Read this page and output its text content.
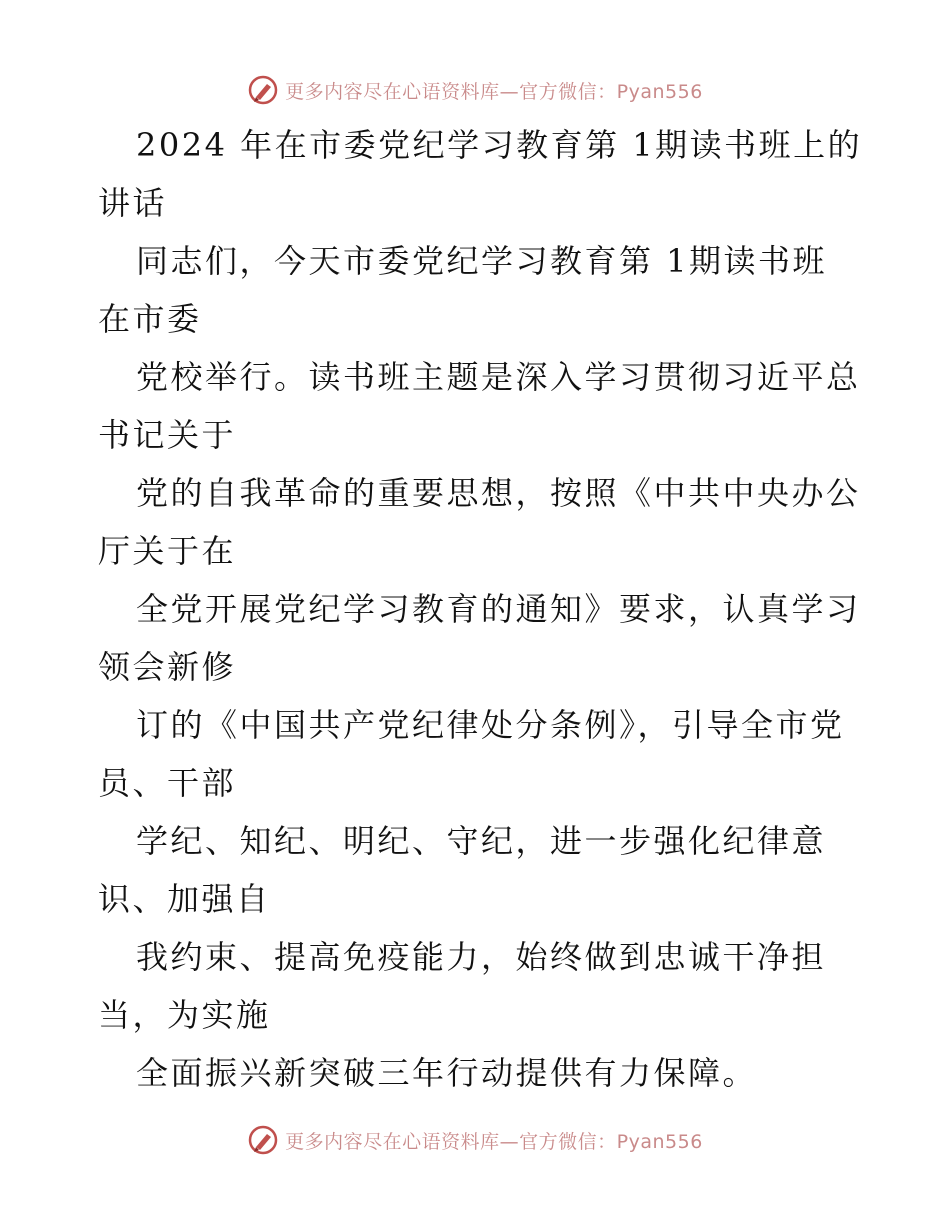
更多内容尽在心语资料库—官方微信：Pyan556
2024 年在市委党纪学习教育第 1期读书班上的
讲话
同志们，今天市委党纪学习教育第 1期读书班
在市委
党校举行。读书班主题是深入学习贯彻习近平总
书记关于
党的自我革命的重要思想，按照《中共中央办公
厅关于在
全党开展党纪学习教育的通知》要求，认真学习
领会新修
订的《中国共产党纪律处分条例》，引导全市党
员、干部
学纪、知纪、明纪、守纪，进一步强化纪律意
识、加强自
我约束、提高免疫能力，始终做到忠诚干净担
当，为实施
全面振兴新突破三年行动提供有力保障。
更多内容尽在心语资料库—官方微信：Pyan556
